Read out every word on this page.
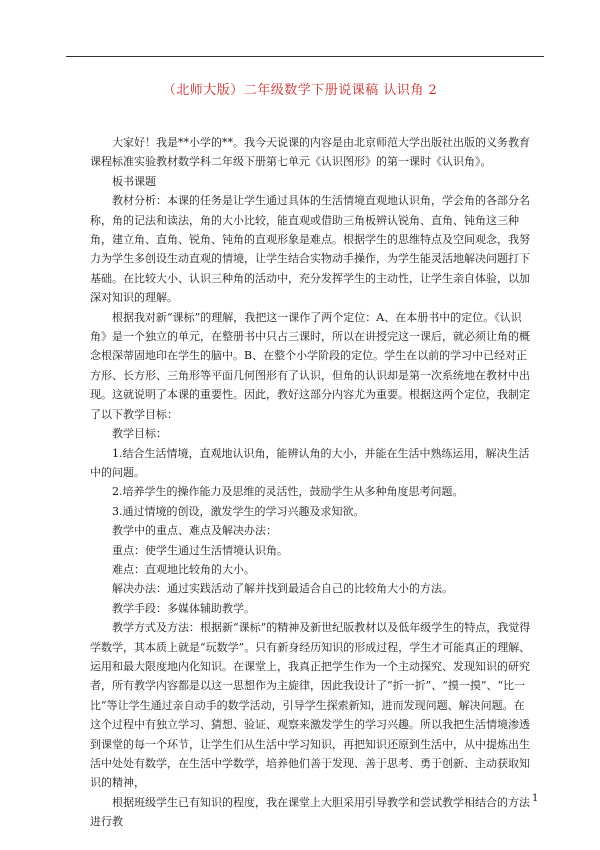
（北师大版）二年级数学下册说课稿 认识角 2

大家好！我是**小学的**。我今天说课的内容是由北京师范大学出版社出版的义务教育课程标准实验教材数学科二年级下册第七单元《认识图形》的第一课时《认识角》。

板书课题

教材分析：本课的任务是让学生通过具体的生活情境直观地认识角，学会角的各部分名称，角的记法和读法，角的大小比较，能直观或借助三角板辨认锐角、直角、钝角这三种角，建立角、直角、锐角、钝角的直观形象是难点。根据学生的思维特点及空间观念，我努力为学生多创设生动直观的情境，让学生结合实物动手操作，为学生能灵活地解决问题打下基础。在比较大小、认识三种角的活动中，充分发挥学生的主动性，让学生亲自体验，以加深对知识的理解。

根据我对新“课标”的理解，我把这一课作了两个定位：A、在本册书中的定位。《认识角》是一个独立的单元，在整册书中只占三课时，所以在讲授完这一课后，就必须让角的概念根深蒂固地印在学生的脑中。B、在整个小学阶段的定位。学生在以前的学习中已经对正方形、长方形、三角形等平面几何图形有了认识，但角的认识却是第一次系统地在教材中出现。这就说明了本课的重要性。因此，教好这部分内容尤为重要。根据这两个定位，我制定了以下教学目标：

教学目标：

1.结合生活情境，直观地认识角，能辨认角的大小，并能在生活中熟练运用，解决生活中的问题。

2.培养学生的操作能力及思维的灵活性，鼓励学生从多种角度思考问题。

3.通过情境的创设，激发学生的学习兴趣及求知欲。

教学中的重点、难点及解决办法：

重点：使学生通过生活情境认识角。

难点：直观地比较角的大小。

解决办法：通过实践活动了解并找到最适合自己的比较角大小的方法。

教学手段：多媒体辅助教学。

教学方式及方法：根据新“课标”的精神及新世纪版教材以及低年级学生的特点，我觉得学数学，其本质上就是“玩数学”。只有新身经历知识的形成过程，学生才可能真正的理解、运用和最大限度地内化知识。在课堂上，我真正把学生作为一个主动探究、发现知识的研究者，所有教学内容都是以这一思想作为主旋律，因此我设计了“折一折”、“摸一摸”、“比一比”等让学生通过亲自动手的数学活动，引导学生探索新知，进而发现问题、解决问题。在这个过程中有独立学习、猜想、验证、观察来激发学生的学习兴趣。所以我把生活情境渗透到课堂的每一个环节，让学生们从生活中学习知识，再把知识还原到生活中，从中提炼出生活中处处有数学，在生活中学数学，培养他们善于发现、善于思考、勇于创新、主动获取知识的精神，

根据班级学生已有知识的程度，我在课堂上大胆采用引导教学和尝试教学相结合的方法进行教

1
